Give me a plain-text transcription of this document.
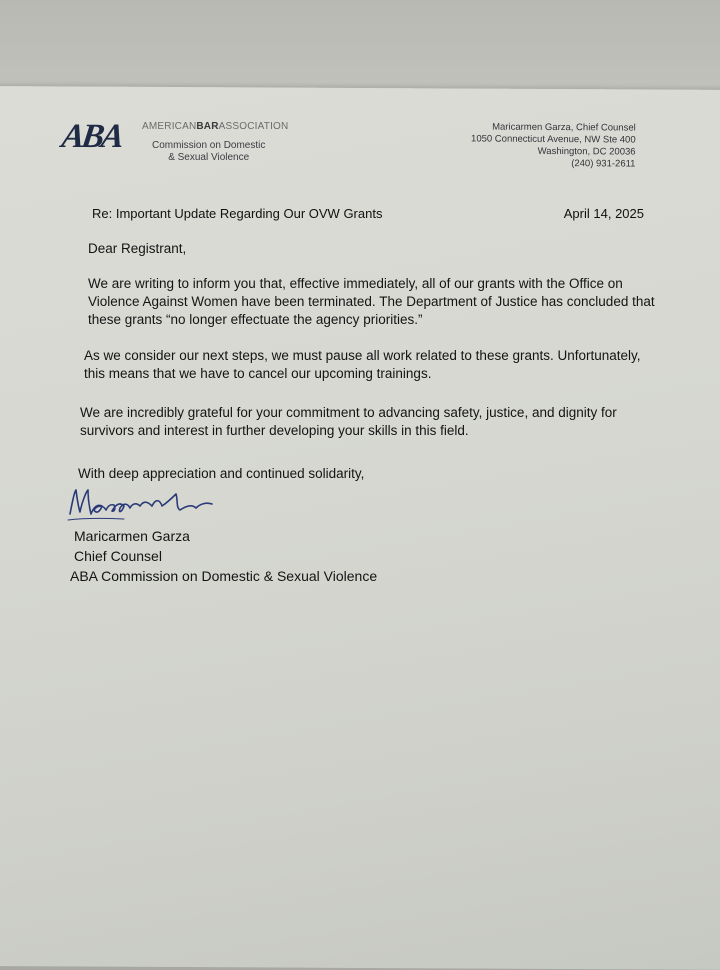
ABA AMERICANBARASSOCIATION
Commission on Domestic
& Sexual Violence
Maricarmen Garza, Chief Counsel
1050 Connecticut Avenue, NW Ste 400
Washington, DC 20036
(240) 931-2611
Re: Important Update Regarding Our OVW Grants	April 14, 2025
Dear Registrant,
We are writing to inform you that, effective immediately, all of our grants with the Office on Violence Against Women have been terminated. The Department of Justice has concluded that these grants “no longer effectuate the agency priorities.”
As we consider our next steps, we must pause all work related to these grants. Unfortunately, this means that we have to cancel our upcoming trainings.
We are incredibly grateful for your commitment to advancing safety, justice, and dignity for survivors and interest in further developing your skills in this field.
With deep appreciation and continued solidarity,
Maricarmen Garza
Chief Counsel
ABA Commission on Domestic & Sexual Violence
